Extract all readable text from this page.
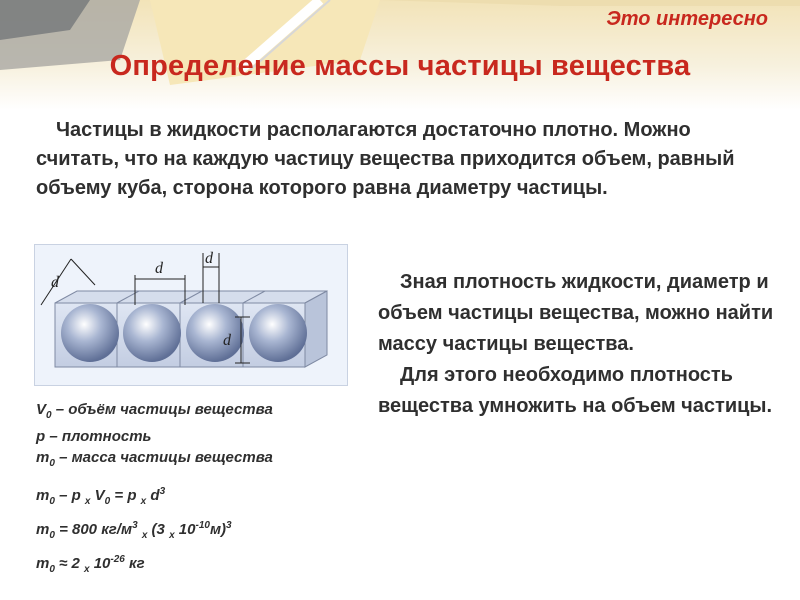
Это интересно
Определение массы частицы вещества
Частицы в жидкости располагаются достаточно плотно. Можно считать, что на каждую частицу вещества приходится объем, равный объему куба, сторона которого равна диаметру частицы.
d
d
d
d
$V_0$ – объём частицы вещества
p – плотность
$m_0$ – масса частицы вещества
$m_0$ – p $_x$ $V_0 = p$ $_x$ $d^3$
$m_0 = 800$ $кг/м^3$ $_x$ (3 $_x$ $10^{-10}м)^3$
$m_0 \approx 2$ $_x$ $10^{-26}$ кг

Зная плотность жидкости, диаметр и объем частицы вещества, можно найти массу частицы вещества.

Для этого необходимо плотность вещества умножить на объем частицы.
